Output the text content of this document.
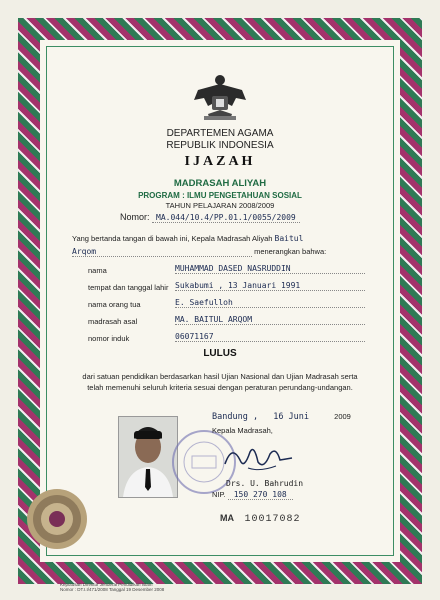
DEPARTEMEN AGAMA
REPUBLIK INDONESIA
IJAZAH
MADRASAH ALIYAH
PROGRAM : ILMU PENGETAHUAN SOSIAL
TAHUN PELAJARAN 2008/2009
Nomor: MA.044/10.4/PP.01.1/0055/2009
Yang bertanda tangan di bawah ini, Kepala Madrasah Aliyah Baitul
Arqom	menerangkan bahwa:
nama	MUHAMMAD DASED NASRUDDIN
tempat dan tanggal lahir Sukabumi , 13 Januari 1991
nama orang tua	E. Saefulloh
madrasah asal	MA. BAITUL ARQOM
nomor induk	06071167
LULUS
dari satuan pendidikan berdasarkan hasil Ujian Nasional dan Ujian Madrasah serta
telah memenuhi seluruh kriteria sesuai dengan peraturan perundang-undangan.
Bandung , 16 Juni	2009
Kepala Madrasah,
Drs. U. Bahrudin
NIP. 150 270 108
MA 10017082
Keputusan Direktur Jenderal Pendidikan Islam
Nomor : DT.I.I/471/2008 Tanggal 19 Desember 2008
